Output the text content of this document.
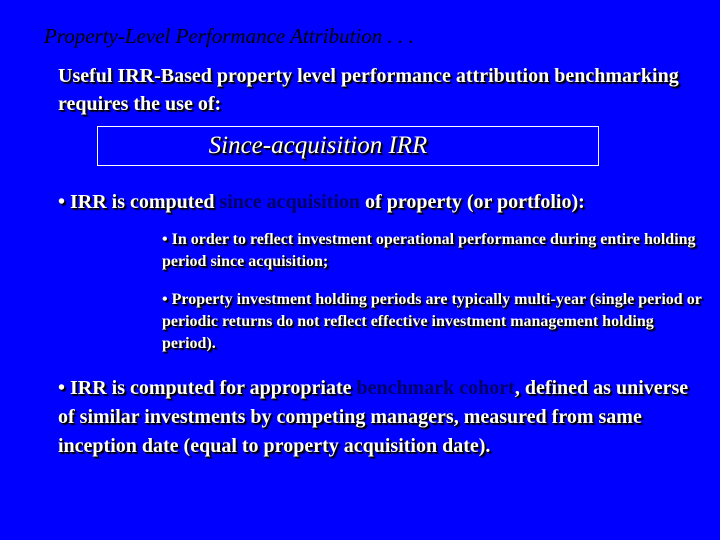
Property-Level Performance Attribution . . .
Useful IRR-Based property level performance attribution benchmarking requires the use of:
Since-acquisition IRR
• IRR is computed since acquisition of property (or portfolio):
• In order to reflect investment operational performance during entire holding period since acquisition;
• Property investment holding periods are typically multi-year (single period or periodic returns do not reflect effective investment management holding period).
• IRR is computed for appropriate benchmark cohort, defined as universe of similar investments by competing managers, measured from same inception date (equal to property acquisition date).
